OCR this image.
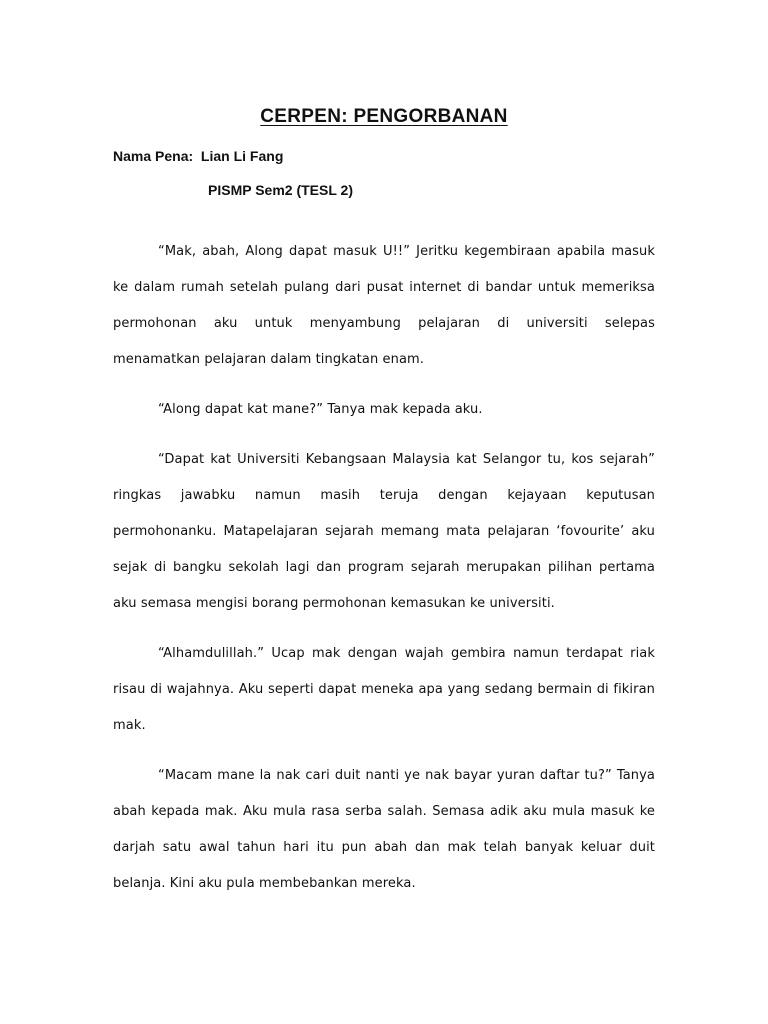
CERPEN: PENGORBANAN
Nama Pena:  Lian Li Fang
PISMP Sem2 (TESL 2)

“Mak, abah, Along dapat masuk U!!” Jeritku kegembiraan apabila masuk ke dalam rumah setelah pulang dari pusat internet di bandar untuk memeriksa permohonan aku untuk menyambung pelajaran di universiti selepas menamatkan pelajaran dalam tingkatan enam.

“Along dapat kat mane?” Tanya mak kepada aku.

“Dapat kat Universiti Kebangsaan Malaysia kat Selangor tu, kos sejarah” ringkas jawabku namun masih teruja dengan kejayaan keputusan permohonanku. Matapelajaran sejarah memang mata pelajaran ‘fovourite’ aku sejak di bangku sekolah lagi dan program sejarah merupakan pilihan pertama aku semasa mengisi borang permohonan kemasukan ke universiti.

“Alhamdulillah.” Ucap mak dengan wajah gembira namun terdapat riak risau di wajahnya. Aku seperti dapat meneka apa yang sedang bermain di fikiran mak.

“Macam mane la nak cari duit nanti ye nak bayar yuran daftar tu?” Tanya abah kepada mak. Aku mula rasa serba salah. Semasa adik aku mula masuk ke darjah satu awal tahun hari itu pun abah dan mak telah banyak keluar duit belanja. Kini aku pula membebankan mereka.
